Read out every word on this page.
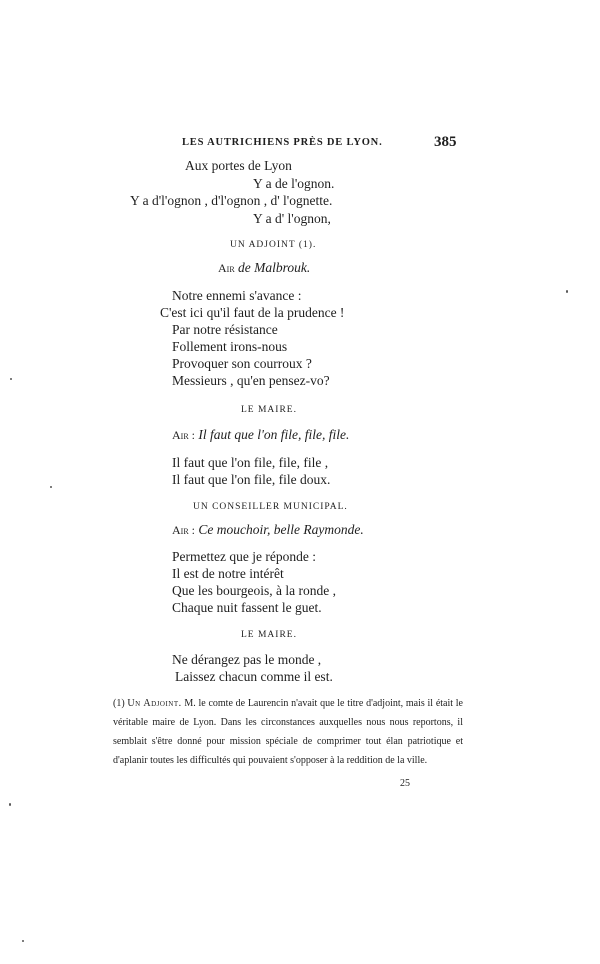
LES AUTRICHIENS PRÈS DE LYON.	385
Aux portes de Lyon
Y a de l'ognon.
Y a d'l'ognon , d'l'ognon , d' l'ognette.
Y a d' l'ognon,
UN ADJOINT (1).
Air de Malbrouk.
Notre ennemi s'avance :
C'est ici qu'il faut de la prudence !
Par notre résistance
Follement irons-nous
Provoquer son courroux ?
Messieurs , qu'en pensez-vo?
LE MAIRE.
Air : Il faut que l'on file, file, file.
Il faut que l'on file, file, file ,
Il faut que l'on file, file doux.
UN CONSEILLER MUNICIPAL.
Air : Ce mouchoir, belle Raymonde.
Permettez que je réponde :
Il est de notre intérêt
Que les bourgeois, à la ronde ,
Chaque nuit fassent le guet.
LE MAIRE.
Ne dérangez pas le monde ,
Laissez chacun comme il est.
(1) Un Adjoint. M. le comte de Laurencin n'avait que le titre d'adjoint, mais il était le véritable maire de Lyon. Dans les circonstances auxquelles nous nous reportons, il semblait s'être donné pour mission spéciale de comprimer tout élan patriotique et d'aplanir toutes les difficultés qui pouvaient s'opposer à la reddition de la ville.
25
